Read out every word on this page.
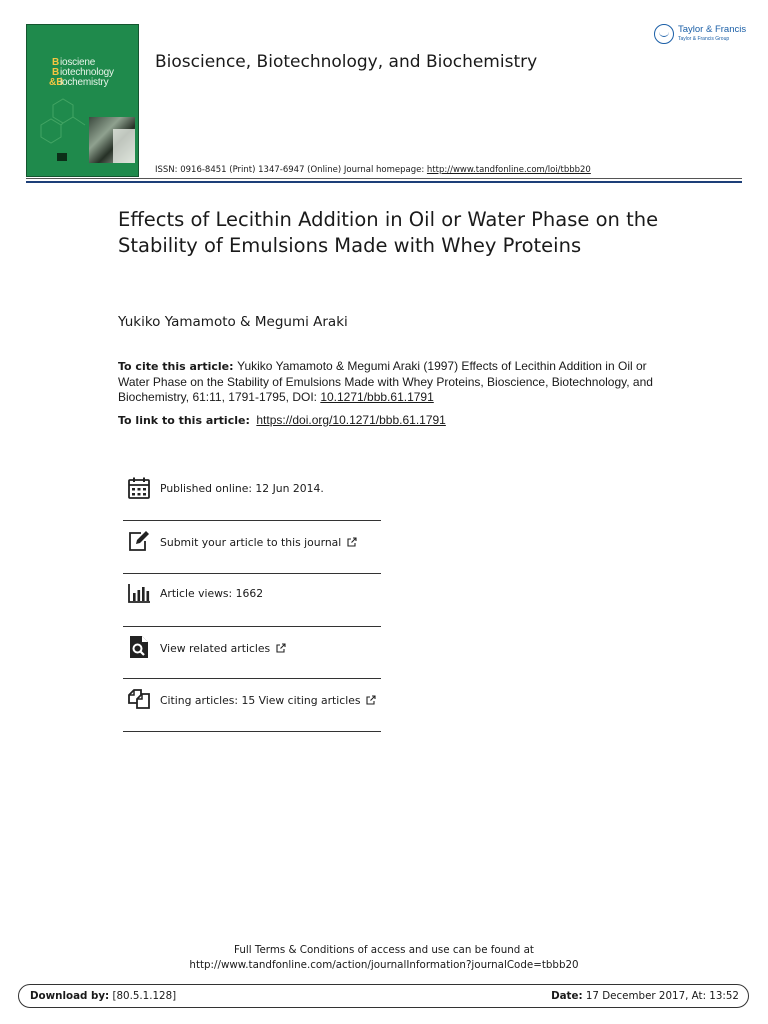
B iosciene
B iotechnology
&B
iochemistry
Bioscience, Biotechnology, and Biochemistry
Taylor & Francis
Taylor & Francis Group
ISSN: 0916-8451 (Print) 1347-6947 (Online) Journal homepage: http://www.tandfonline.com/loi/tbbb20
Effects of Lecithin Addition in Oil or Water Phase on the Stability of Emulsions Made with Whey Proteins
Yukiko Yamamoto & Megumi Araki
To cite this article: Yukiko Yamamoto & Megumi Araki (1997) Effects of Lecithin Addition in Oil or Water Phase on the Stability of Emulsions Made with Whey Proteins, Bioscience, Biotechnology, and Biochemistry, 61:11, 1791-1795, DOI: 10.1271/bbb.61.1791
To link to this article: https://doi.org/10.1271/bbb.61.1791
Published online: 12 Jun 2014.
Submit your article to this journal
Article views: 1662
View related articles
Citing articles: 15 View citing articles
Full Terms & Conditions of access and use can be found at
http://www.tandfonline.com/action/journalInformation?journalCode=tbbb20
Download by: [80.5.1.128]	Date: 17 December 2017, At: 13:52
